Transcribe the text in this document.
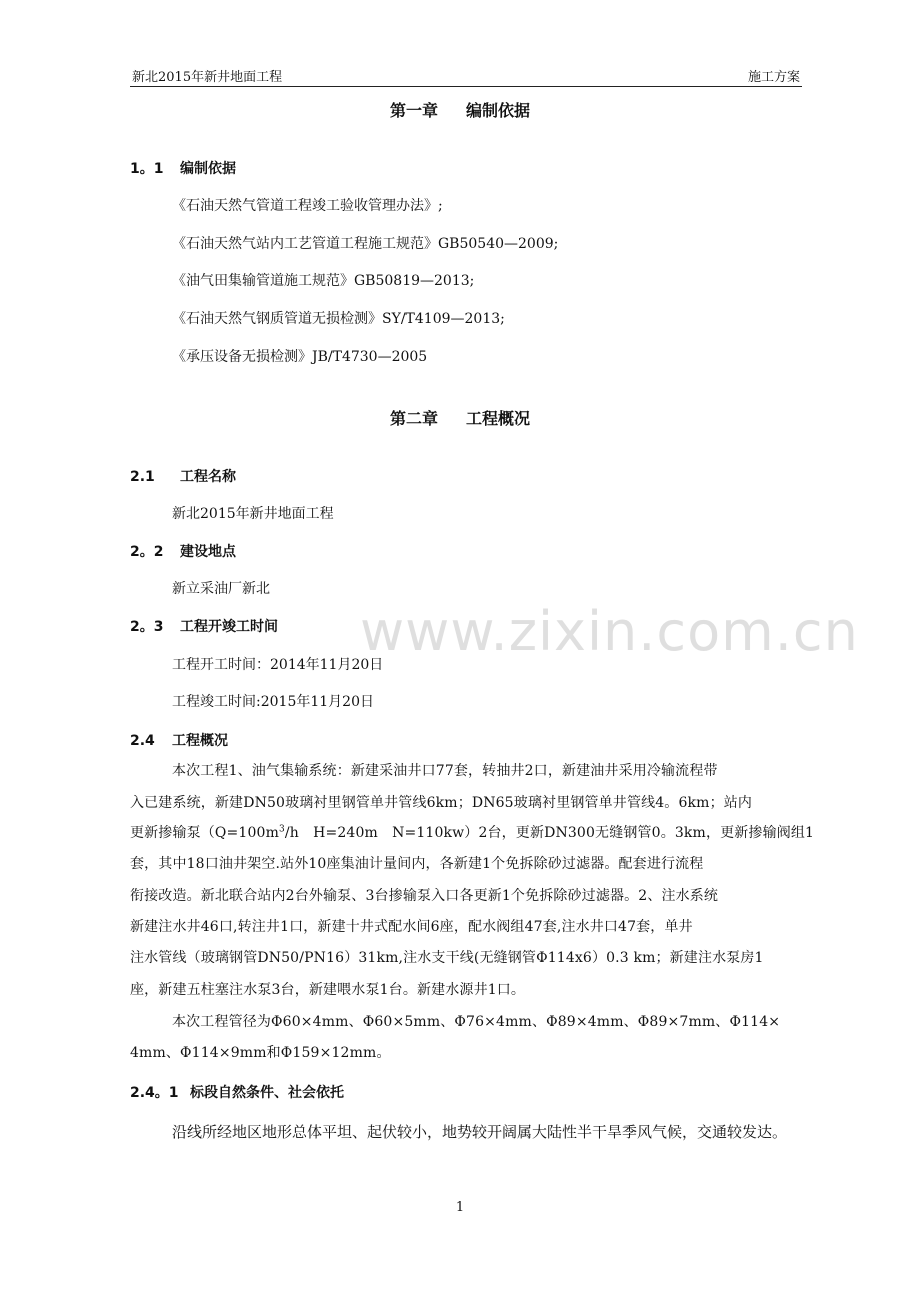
新北2015年新井地面工程	施工方案
第一章 编制依据
1。1 编制依据
《石油天然气管道工程竣工验收管理办法》;
《石油天然气站内工艺管道工程施工规范》GB50540—2009;
《油气田集输管道施工规范》GB50819—2013;
《石油天然气钢质管道无损检测》SY/T4109—2013;
《承压设备无损检测》JB/T4730—2005
第二章 工程概况
2.1 工程名称
新北2015年新井地面工程
2。2 建设地点
新立采油厂新北
2。3 工程开竣工时间
工程开工时间：2014年11月20日
工程竣工时间:2015年11月20日
2.4 工程概况
本次工程1、油气集输系统：新建采油井口77套，转抽井2口，新建油井采用冷输流程带
入已建系统，新建DN50玻璃衬里钢管单井管线6km；DN65玻璃衬里钢管单井管线4。6km；站内
更新掺输泵（$Q=100m^3/h$　H=240m　N=110kw）2台，更新DN300无缝钢管0。3km，更新掺输阀组1
套，其中18口油井架空.站外10座集油计量间内，各新建1个免拆除砂过滤器。配套进行流程
衔接改造。新北联合站内2台外输泵、3台掺输泵入口各更新1个免拆除砂过滤器。2、注水系统
新建注水井46口,转注井1口，新建十井式配水间6座，配水阀组47套,注水井口47套，单井
注水管线（玻璃钢管DN50/PN16）31km,注水支干线(无缝钢管Φ114x6）0.3 km；新建注水泵房1
座，新建五柱塞注水泵3台，新建喂水泵1台。新建水源井1口。
本次工程管径为Φ60×4mm、Φ60×5mm、Φ76×4mm、Φ89×4mm、Φ89×7mm、Φ114×
4mm、Φ114×9mm和Φ159×12mm。
2.4。1 标段自然条件、社会依托
沿线所经地区地形总体平坦、起伏较小，地势较开阔属大陆性半干旱季风气候，交通较发达。
www.zixin.com.cn
1
